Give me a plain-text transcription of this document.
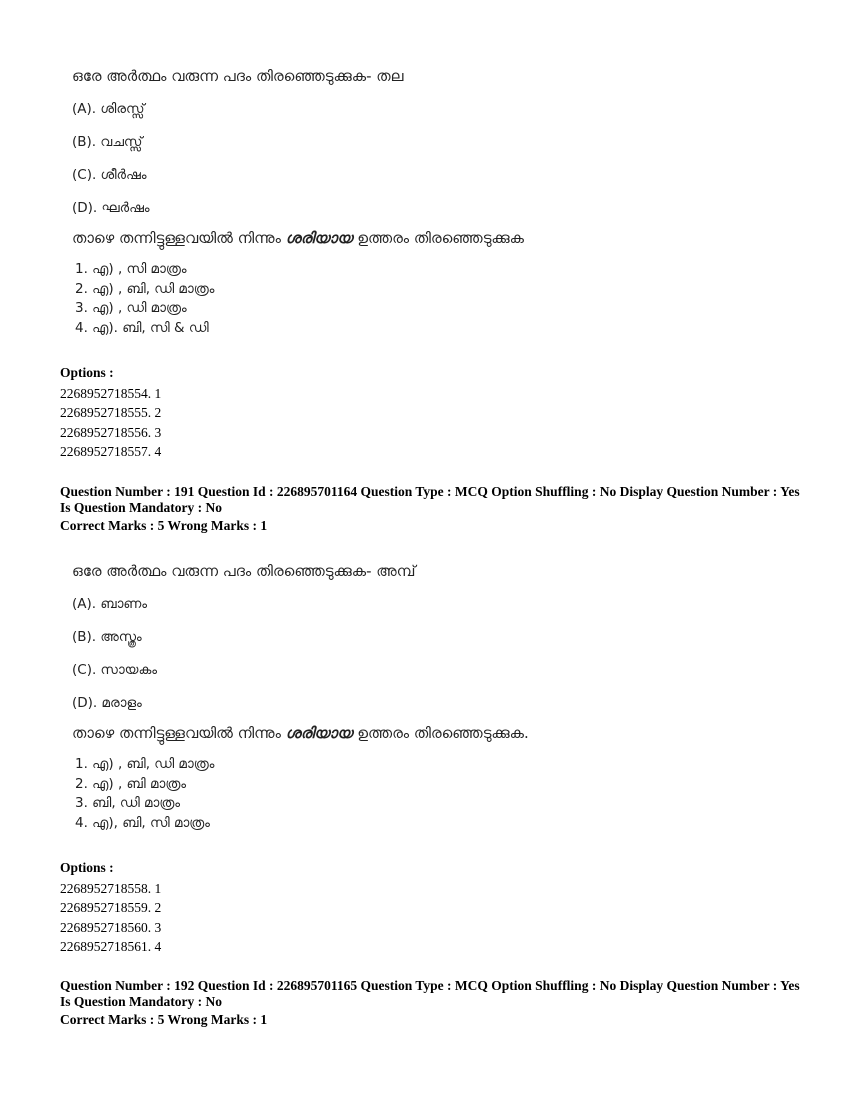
ഒരേ അർത്ഥം വരുന്ന പദം തിരഞ്ഞെടുക്കുക- തല

(A). ശിരസ്സ്

(B). വചസ്സ്

(C). ശീർഷം

(D). ഘർഷം

താഴെ തന്നിട്ടുള്ളവയിൽ നിന്നും ശരിയായ ഉത്തരം തിരഞ്ഞെടുക്കുക

1. എ) , സി മാത്രം
2. എ) , ബി, ഡി മാത്രം
3. എ) , ഡി മാത്രം
4. എ). ബി, സി & ഡി
Options :
2268952718554. 1
2268952718555. 2
2268952718556. 3
2268952718557. 4
Question Number : 191 Question Id : 226895701164 Question Type : MCQ Option Shuffling : No Display Question Number : Yes Is Question Mandatory : No
Correct Marks : 5 Wrong Marks : 1

ഒരേ അർത്ഥം വരുന്ന പദം തിരഞ്ഞെടുക്കുക- അമ്പ്

(A). ബാണം

(B). അസ്ത്രം

(C). സായകം

(D). മരാളം

താഴെ തന്നിട്ടുള്ളവയിൽ നിന്നും ശരിയായ ഉത്തരം തിരഞ്ഞെടുക്കുക.

1. എ) , ബി, ഡി മാത്രം
2. എ) , ബി മാത്രം
3. ബി, ഡി മാത്രം
4. എ), ബി, സി മാത്രം
Options :
2268952718558. 1
2268952718559. 2
2268952718560. 3
2268952718561. 4
Question Number : 192 Question Id : 226895701165 Question Type : MCQ Option Shuffling : No Display Question Number : Yes Is Question Mandatory : No
Correct Marks : 5 Wrong Marks : 1
